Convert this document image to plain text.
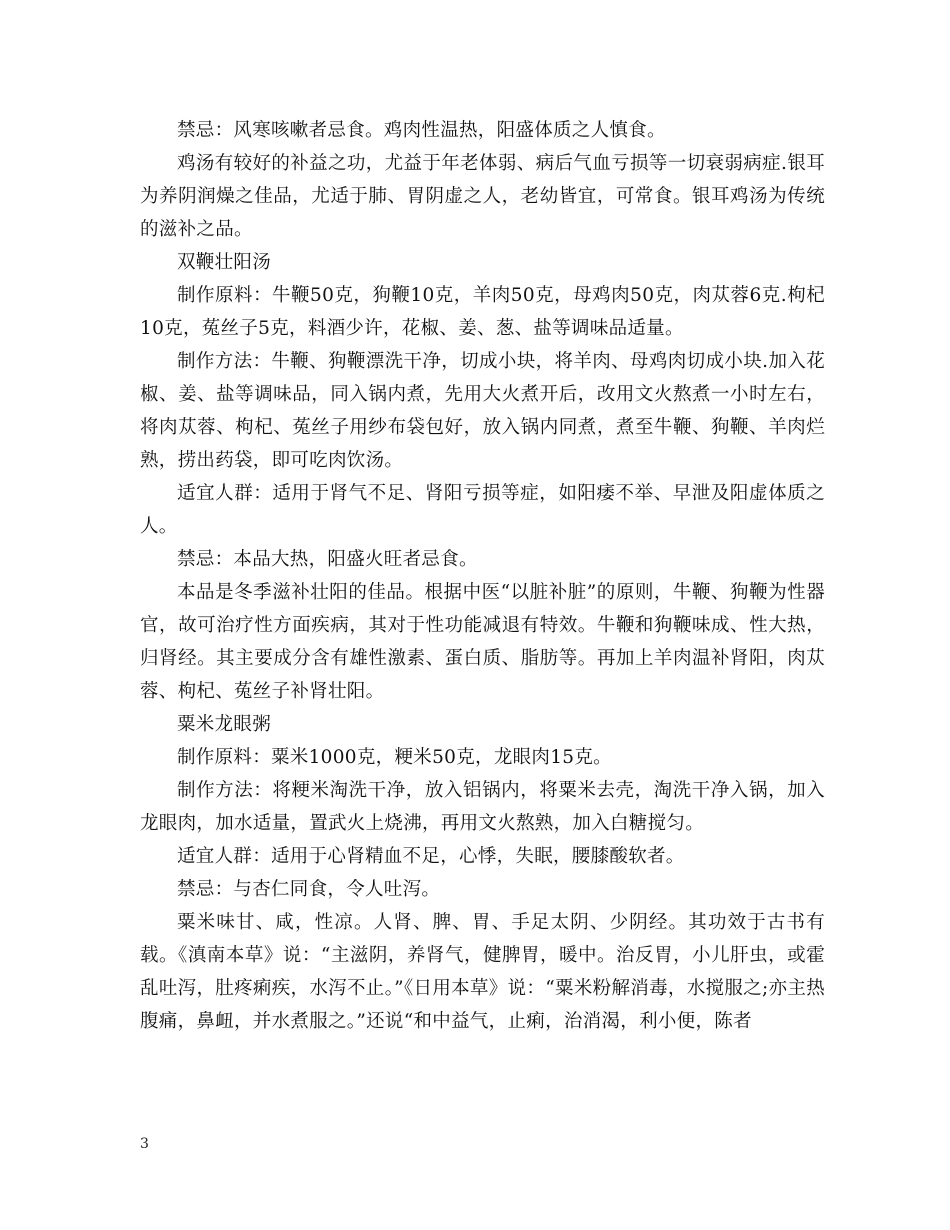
禁忌：风寒咳嗽者忌食。鸡肉性温热，阳盛体质之人慎食。

鸡汤有较好的补益之功，尤益于年老体弱、病后气血亏损等一切衰弱病症.银耳为养阴润燥之佳品，尤适于肺、胃阴虚之人，老幼皆宜，可常食。银耳鸡汤为传统的滋补之品。

双鞭壮阳汤

制作原料：牛鞭50克，狗鞭10克，羊肉50克，母鸡肉50克，肉苁蓉6克.枸杞10克，菟丝子5克，料酒少许，花椒、姜、葱、盐等调味品适量。

制作方法：牛鞭、狗鞭漂洗干净，切成小块，将羊肉、母鸡肉切成小块.加入花椒、姜、盐等调味品，同入锅内煮，先用大火煮开后，改用文火熬煮一小时左右，将肉苁蓉、枸杞、菟丝子用纱布袋包好，放入锅内同煮，煮至牛鞭、狗鞭、羊肉烂熟，捞出药袋，即可吃肉饮汤。

适宜人群：适用于肾气不足、肾阳亏损等症，如阳痿不举、早泄及阳虚体质之人。

禁忌：本品大热，阳盛火旺者忌食。

本品是冬季滋补壮阳的佳品。根据中医“以脏补脏”的原则，牛鞭、狗鞭为性器官，故可治疗性方面疾病，其对于性功能减退有特效。牛鞭和狗鞭味成、性大热，归肾经。其主要成分含有雄性激素、蛋白质、脂肪等。再加上羊肉温补肾阳，肉苁蓉、枸杞、菟丝子补肾壮阳。

粟米龙眼粥

制作原料：粟米1000克，粳米50克，龙眼肉15克。

制作方法：将粳米淘洗干净，放入铝锅内，将粟米去壳，淘洗干净入锅，加入龙眼肉，加水适量，置武火上烧沸，再用文火熬熟，加入白糖搅匀。

适宜人群：适用于心肾精血不足，心悸，失眠，腰膝酸软者。

禁忌：与杏仁同食，令人吐泻。

粟米味甘、咸，性凉。人肾、脾、胃、手足太阴、少阴经。其功效于古书有载。《滇南本草》说：“主滋阴，养肾气，健脾胃，暖中。治反胃，小儿肝虫，或霍乱吐泻，肚疼痢疾，水泻不止。”《日用本草》说：“粟米粉解消毒，水搅服之;亦主热腹痛，鼻衄，并水煮服之。”还说“和中益气，止痢，治消渴，利小便，陈者

3
